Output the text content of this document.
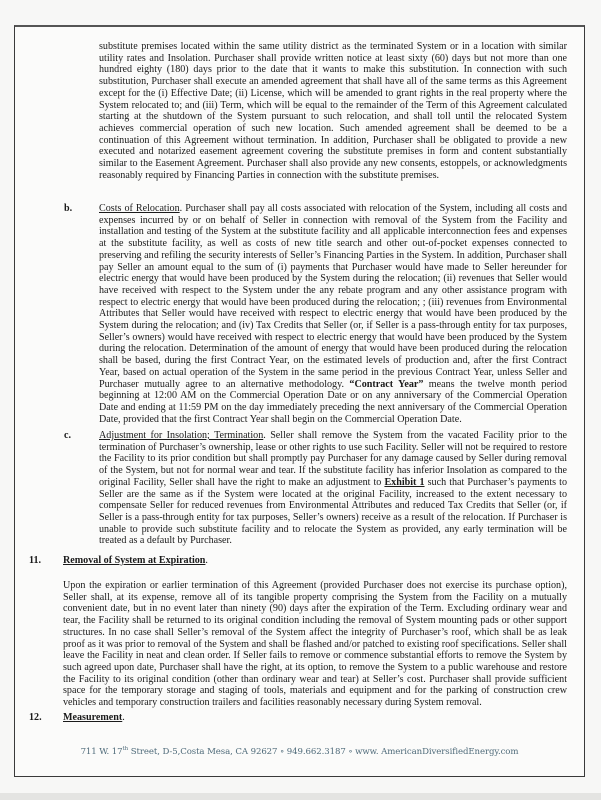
substitute premises located within the same utility district as the terminated System or in a location with similar utility rates and Insolation. Purchaser shall provide written notice at least sixty (60) days but not more than one hundred eighty (180) days prior to the date that it wants to make this substitution. In connection with such substitution, Purchaser shall execute an amended agreement that shall have all of the same terms as this Agreement except for the (i) Effective Date; (ii) License, which will be amended to grant rights in the real property where the System relocated to; and (iii) Term, which will be equal to the remainder of the Term of this Agreement calculated starting at the shutdown of the System pursuant to such relocation, and shall toll until the relocated System achieves commercial operation of such new location. Such amended agreement shall be deemed to be a continuation of this Agreement without termination. In addition, Purchaser shall be obligated to provide a new executed and notarized easement agreement covering the substitute premises in form and content substantially similar to the Easement Agreement. Purchaser shall also provide any new consents, estoppels, or acknowledgments reasonably required by Financing Parties in connection with the substitute premises.

b.	Costs of Relocation. Purchaser shall pay all costs associated with relocation of the System, including all costs and expenses incurred by or on behalf of Seller in connection with removal of the System from the Facility and installation and testing of the System at the substitute facility and all applicable interconnection fees and expenses at the substitute facility, as well as costs of new title search and other out-of-pocket expenses connected to preserving and refiling the security interests of Seller’s Financing Parties in the System. In addition, Purchaser shall pay Seller an amount equal to the sum of (i) payments that Purchaser would have made to Seller hereunder for electric energy that would have been produced by the System during the relocation; (ii) revenues that Seller would have received with respect to the System under the any rebate program and any other assistance program with respect to electric energy that would have been produced during the relocation; ; (iii) revenues from Environmental Attributes that Seller would have received with respect to electric energy that would have been produced by the System during the relocation; and (iv) Tax Credits that Seller (or, if Seller is a pass-through entity for tax purposes, Seller’s owners) would have received with respect to electric energy that would have been produced by the System during the relocation. Determination of the amount of energy that would have been produced during the relocation shall be based, during the first Contract Year, on the estimated levels of production and, after the first Contract Year, based on actual operation of the System in the same period in the previous Contract Year, unless Seller and Purchaser mutually agree to an alternative methodology. “Contract Year” means the twelve month period beginning at 12:00 AM on the Commercial Operation Date or on any anniversary of the Commercial Operation Date and ending at 11:59 PM on the day immediately preceding the next anniversary of the Commercial Operation Date, provided that the first Contract Year shall begin on the Commercial Operation Date.

c.	Adjustment for Insolation; Termination. Seller shall remove the System from the vacated Facility prior to the termination of Purchaser’s ownership, lease or other rights to use such Facility. Seller will not be required to restore the Facility to its prior condition but shall promptly pay Purchaser for any damage caused by Seller during removal of the System, but not for normal wear and tear. If the substitute facility has inferior Insolation as compared to the original Facility, Seller shall have the right to make an adjustment to Exhibit 1 such that Purchaser’s payments to Seller are the same as if the System were located at the original Facility, increased to the extent necessary to compensate Seller for reduced revenues from Environmental Attributes and reduced Tax Credits that Seller (or, if Seller is a pass-through entity for tax purposes, Seller’s owners) receive as a result of the relocation. If Purchaser is unable to provide such substitute facility and to relocate the System as provided, any early termination will be treated as a default by Purchaser.

11. Removal of System at Expiration.

Upon the expiration or earlier termination of this Agreement (provided Purchaser does not exercise its purchase option), Seller shall, at its expense, remove all of its tangible property comprising the System from the Facility on a mutually convenient date, but in no event later than ninety (90) days after the expiration of the Term. Excluding ordinary wear and tear, the Facility shall be returned to its original condition including the removal of System mounting pads or other support structures. In no case shall Seller’s removal of the System affect the integrity of Purchaser’s roof, which shall be as leak proof as it was prior to removal of the System and shall be flashed and/or patched to existing roof specifications. Seller shall leave the Facility in neat and clean order. If Seller fails to remove or commence substantial efforts to remove the System by such agreed upon date, Purchaser shall have the right, at its option, to remove the System to a public warehouse and restore the Facility to its original condition (other than ordinary wear and tear) at Seller’s cost. Purchaser shall provide sufficient space for the temporary storage and staging of tools, materials and equipment and for the parking of construction crew vehicles and temporary construction trailers and facilities reasonably necessary during System removal.

12. Measurement.
711 W. 17th Street, D-5,Costa Mesa, CA 92627 ∘ 949.662.3187 ∘ www. AmericanDiversifiedEnergy.com
